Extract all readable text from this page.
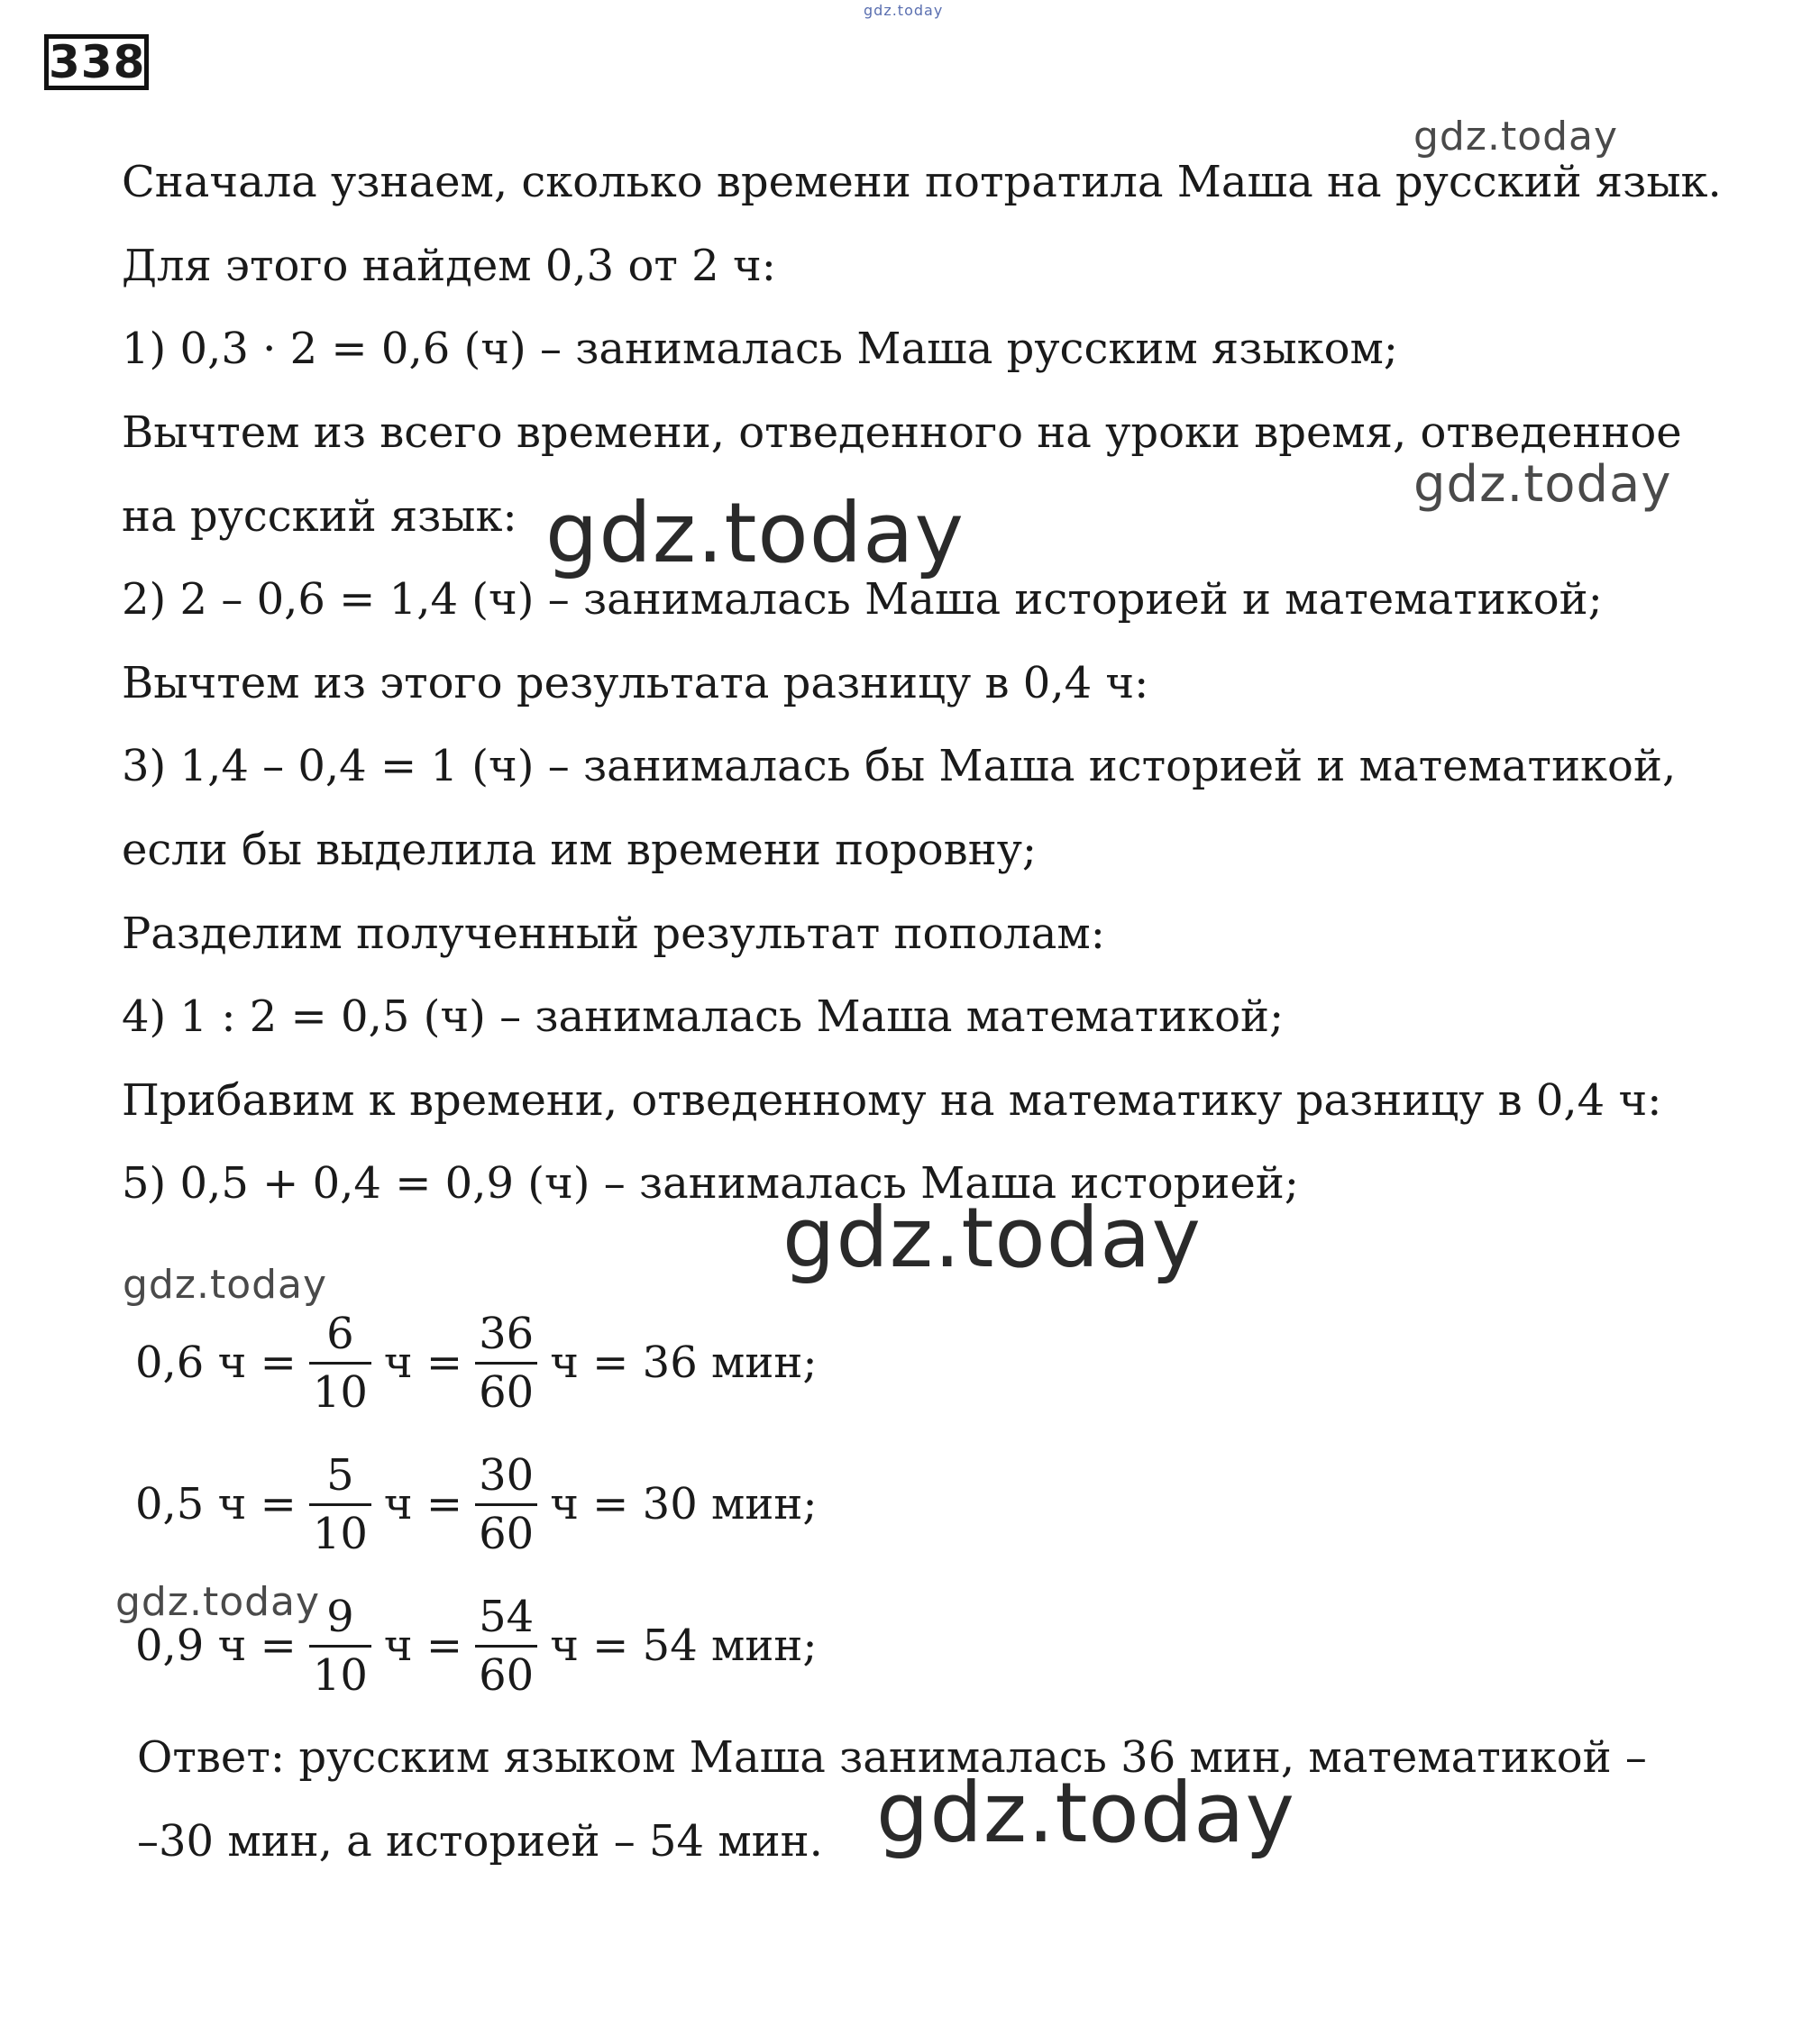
338
Сначала узнаем, сколько времени потратила Маша на русский язык.
Для этого найдем 0,3 от 2 ч:
1) 0,3 · 2 = 0,6 (ч) – занималась Маша русским языком;
Вычтем из всего времени, отведенного на уроки время, отведенное
на русский язык:
2) 2 – 0,6 = 1,4 (ч) – занималась Маша историей и математикой;
Вычтем из этого результата разницу в 0,4 ч:
3) 1,4 – 0,4 = 1 (ч) – занималась бы Маша историей и математикой,
если бы выделила им времени поровну;
Разделим полученный результат пополам:
4) 1 : 2 = 0,5 (ч) – занималась Маша математикой;
Прибавим к времени, отведенному на математику разницу в 0,4 ч:
5) 0,5 + 0,4 = 0,9 (ч) – занималась Маша историей;
0,6 $ч = \frac{6}{10}$ $ч = \frac{36}{60}$ ч = 36 мин;
0,5 $ч = \frac{5}{10}$ $ч = \frac{30}{60}$ ч = 30 мин;
0,9 $ч = \frac{9}{10}$ $ч = \frac{54}{60}$ ч = 54 мин;
Ответ: русским языком Маша занималась 36 мин, математикой –
–30 мин, а историей – 54 мин.
gdz.today
gdz.today
gdz.today
gdz.today
gdz.today
gdz.today
gdz.today
gdz.today
